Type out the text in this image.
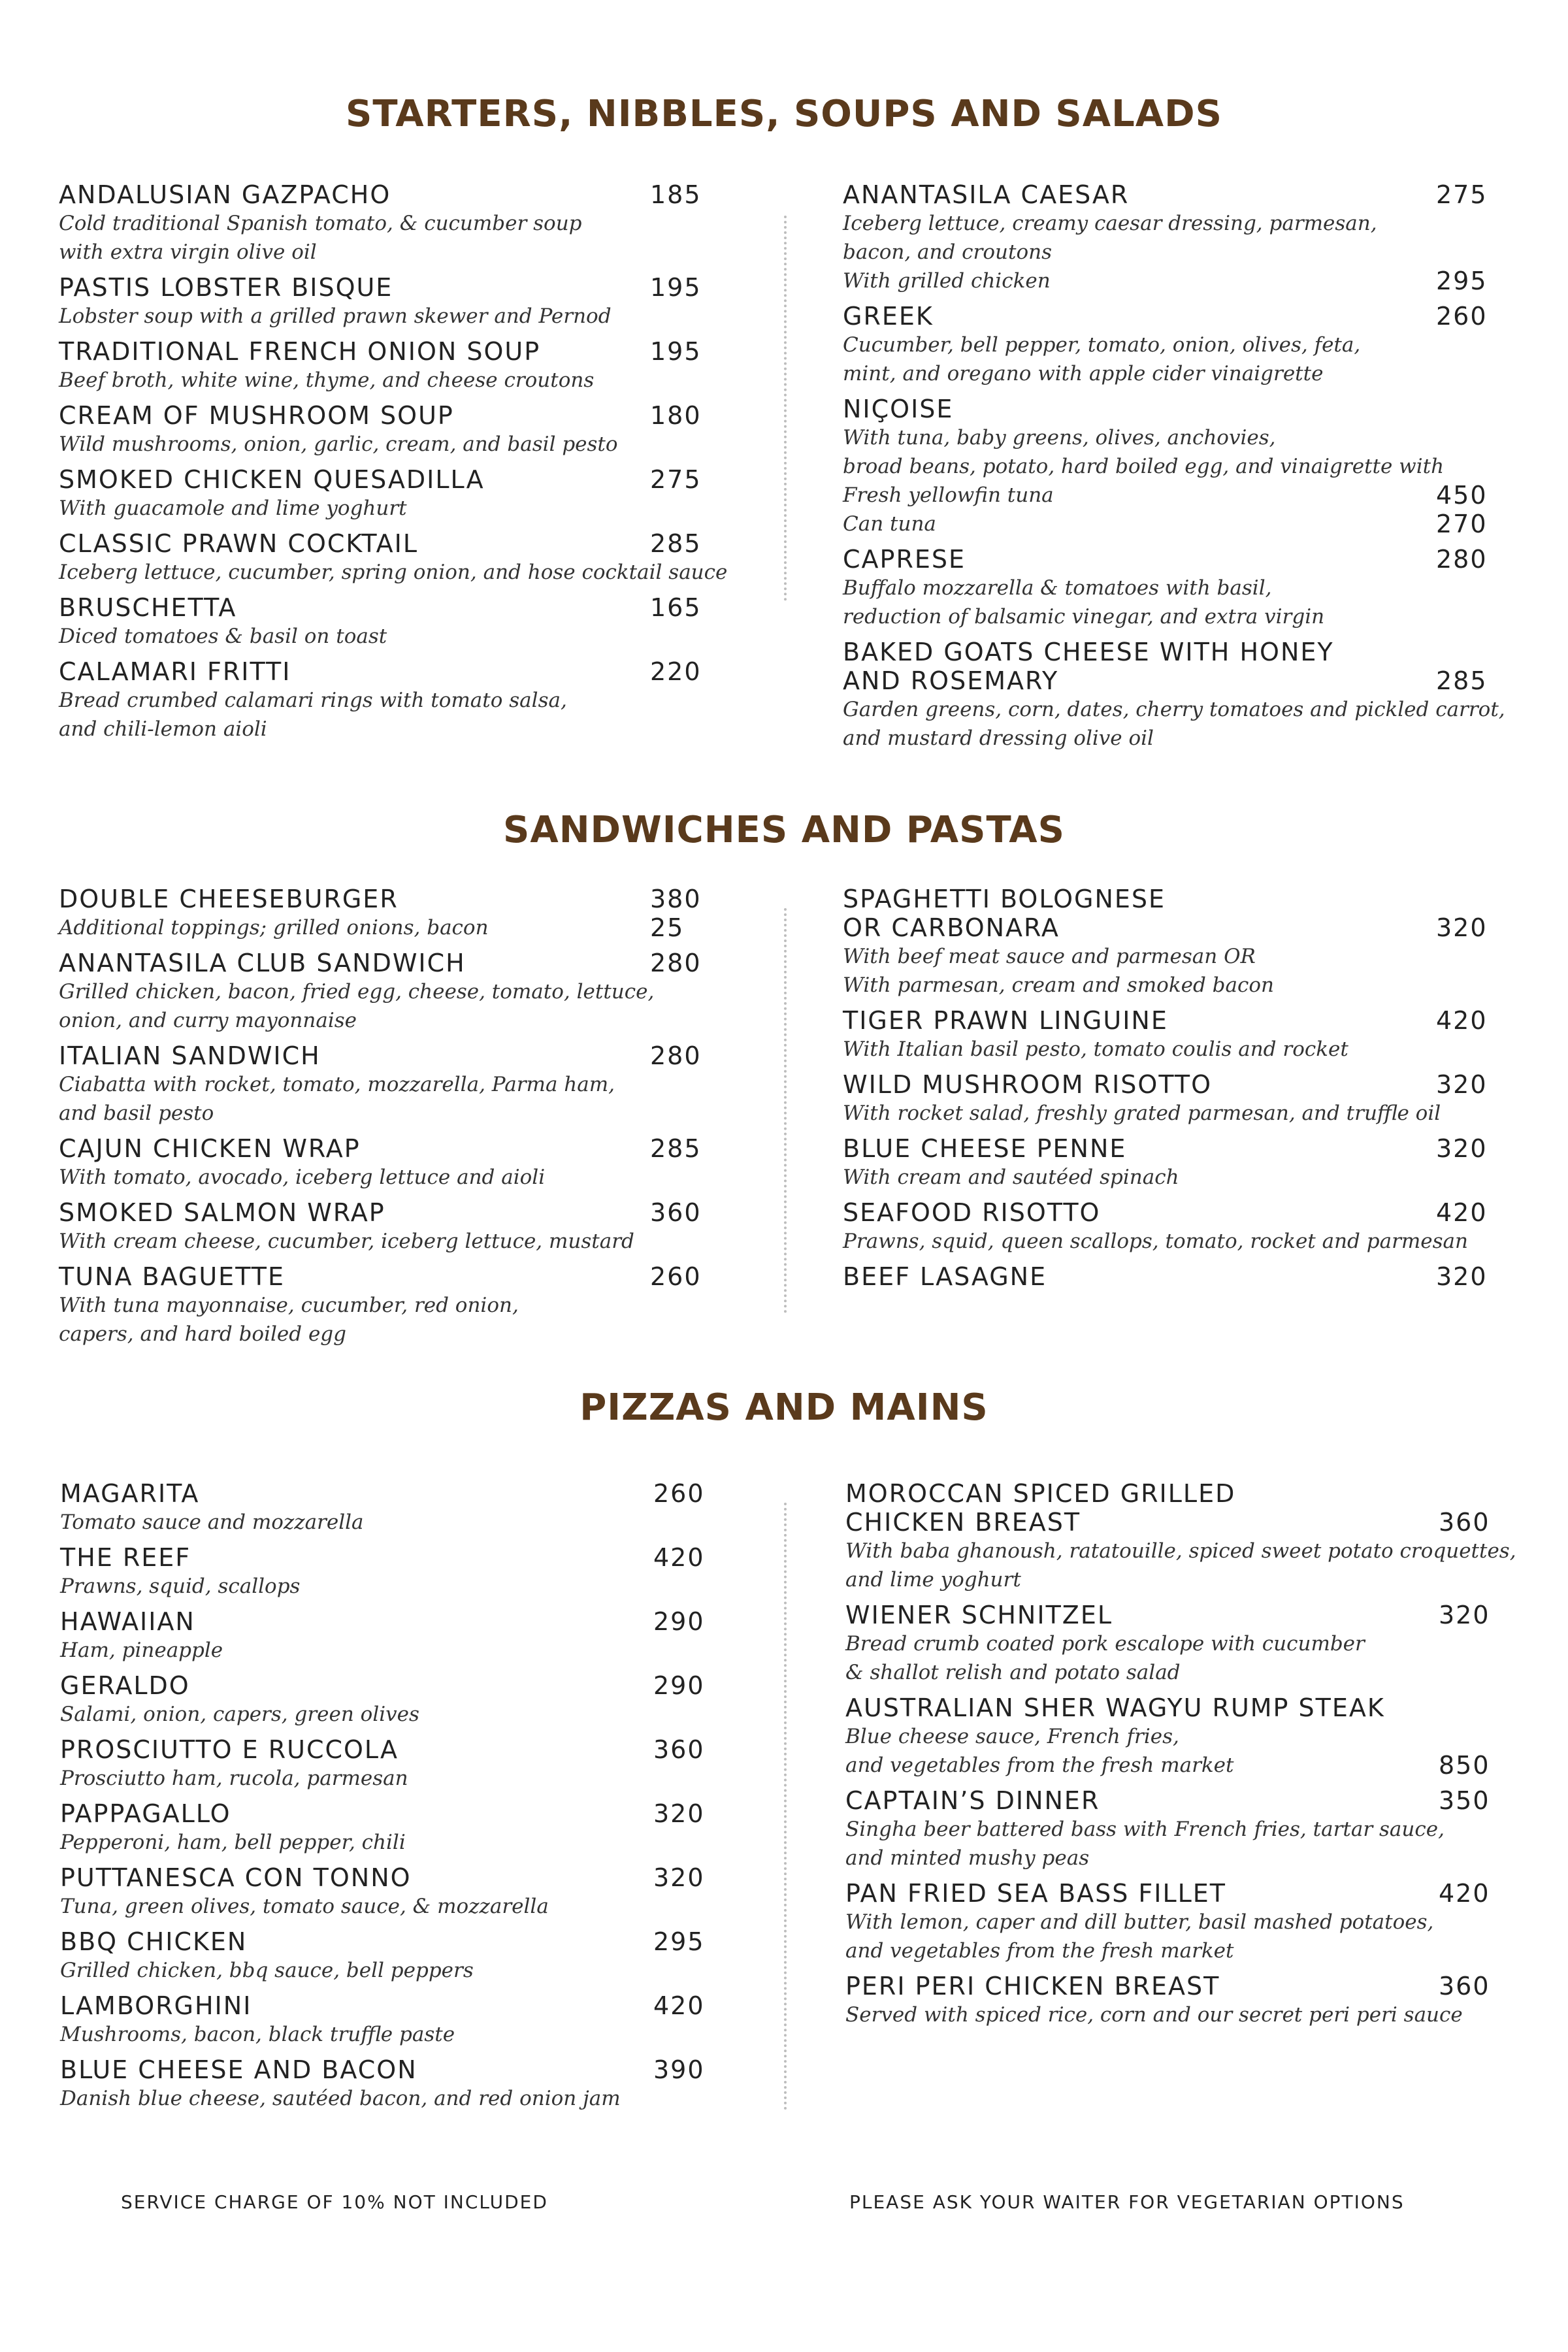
STARTERS, NIBBLES, SOUPS AND SALADS
SANDWICHES AND PASTAS
PIZZAS AND MAINS
ANDALUSIAN GAZPACHO	185
Cold traditional Spanish tomato, & cucumber soup
with extra virgin olive oil
PASTIS LOBSTER BISQUE	195
Lobster soup with a grilled prawn skewer and Pernod
TRADITIONAL FRENCH ONION SOUP	195
Beef broth, white wine, thyme, and cheese croutons
CREAM OF MUSHROOM SOUP	180
Wild mushrooms, onion, garlic, cream, and basil pesto
SMOKED CHICKEN QUESADILLA	275
With guacamole and lime yoghurt
CLASSIC PRAWN COCKTAIL	285
Iceberg lettuce, cucumber, spring onion, and hose cocktail sauce
BRUSCHETTA	165
Diced tomatoes & basil on toast
CALAMARI FRITTI	220
Bread crumbed calamari rings with tomato salsa,
and chili-lemon aioli
ANANTASILA CAESAR	275
Iceberg lettuce, creamy caesar dressing, parmesan,
bacon, and croutons
With grilled chicken	295
GREEK	260
Cucumber, bell pepper, tomato, onion, olives, feta,
mint, and oregano with apple cider vinaigrette
NIÇOISE
With tuna, baby greens, olives, anchovies,
broad beans, potato, hard boiled egg, and vinaigrette with
Fresh yellowfin tuna	450
Can tuna	270
CAPRESE	280
Buffalo mozzarella & tomatoes with basil,
reduction of balsamic vinegar, and extra virgin
BAKED GOATS CHEESE WITH HONEY
AND ROSEMARY	285
Garden greens, corn, dates, cherry tomatoes and pickled carrot,
and mustard dressing olive oil
DOUBLE CHEESEBURGER	380
Additional toppings; grilled onions, bacon	25
ANANTASILA CLUB SANDWICH	280
Grilled chicken, bacon, fried egg, cheese, tomato, lettuce,
onion, and curry mayonnaise
ITALIAN SANDWICH	280
Ciabatta with rocket, tomato, mozzarella, Parma ham,
and basil pesto
CAJUN CHICKEN WRAP	285
With tomato, avocado, iceberg lettuce and aioli
SMOKED SALMON WRAP	360
With cream cheese, cucumber, iceberg lettuce, mustard
TUNA BAGUETTE	260
With tuna mayonnaise, cucumber, red onion,
capers, and hard boiled egg
SPAGHETTI BOLOGNESE
OR CARBONARA	320
With beef meat sauce and parmesan OR
With parmesan, cream and smoked bacon
TIGER PRAWN LINGUINE	420
With Italian basil pesto, tomato coulis and rocket
WILD MUSHROOM RISOTTO	320
With rocket salad, freshly grated parmesan, and truffle oil
BLUE CHEESE PENNE	320
With cream and sautéed spinach
SEAFOOD RISOTTO	420
Prawns, squid, queen scallops, tomato, rocket and parmesan
BEEF LASAGNE	320
MAGARITA	260
Tomato sauce and mozzarella
THE REEF	420
Prawns, squid, scallops
HAWAIIAN	290
Ham, pineapple
GERALDO	290
Salami, onion, capers, green olives
PROSCIUTTO E RUCCOLA	360
Prosciutto ham, rucola, parmesan
PAPPAGALLO	320
Pepperoni, ham, bell pepper, chili
PUTTANESCA CON TONNO	320
Tuna, green olives, tomato sauce, & mozzarella
BBQ CHICKEN	295
Grilled chicken, bbq sauce, bell peppers
LAMBORGHINI	420
Mushrooms, bacon, black truffle paste
BLUE CHEESE AND BACON	390
Danish blue cheese, sautéed bacon, and red onion jam
MOROCCAN SPICED GRILLED
CHICKEN BREAST	360
With baba ghanoush, ratatouille, spiced sweet potato croquettes,
and lime yoghurt
WIENER SCHNITZEL	320
Bread crumb coated pork escalope with cucumber
& shallot relish and potato salad
AUSTRALIAN SHER WAGYU RUMP STEAK
Blue cheese sauce, French fries,
and vegetables from the fresh market	850
CAPTAIN’S DINNER	350
Singha beer battered bass with French fries, tartar sauce,
and minted mushy peas
PAN FRIED SEA BASS FILLET	420
With lemon, caper and dill butter, basil mashed potatoes,
and vegetables from the fresh market
PERI PERI CHICKEN BREAST	360
Served with spiced rice, corn and our secret peri peri sauce
SERVICE CHARGE OF 10% NOT INCLUDED	PLEASE ASK YOUR WAITER FOR VEGETARIAN OPTIONS
